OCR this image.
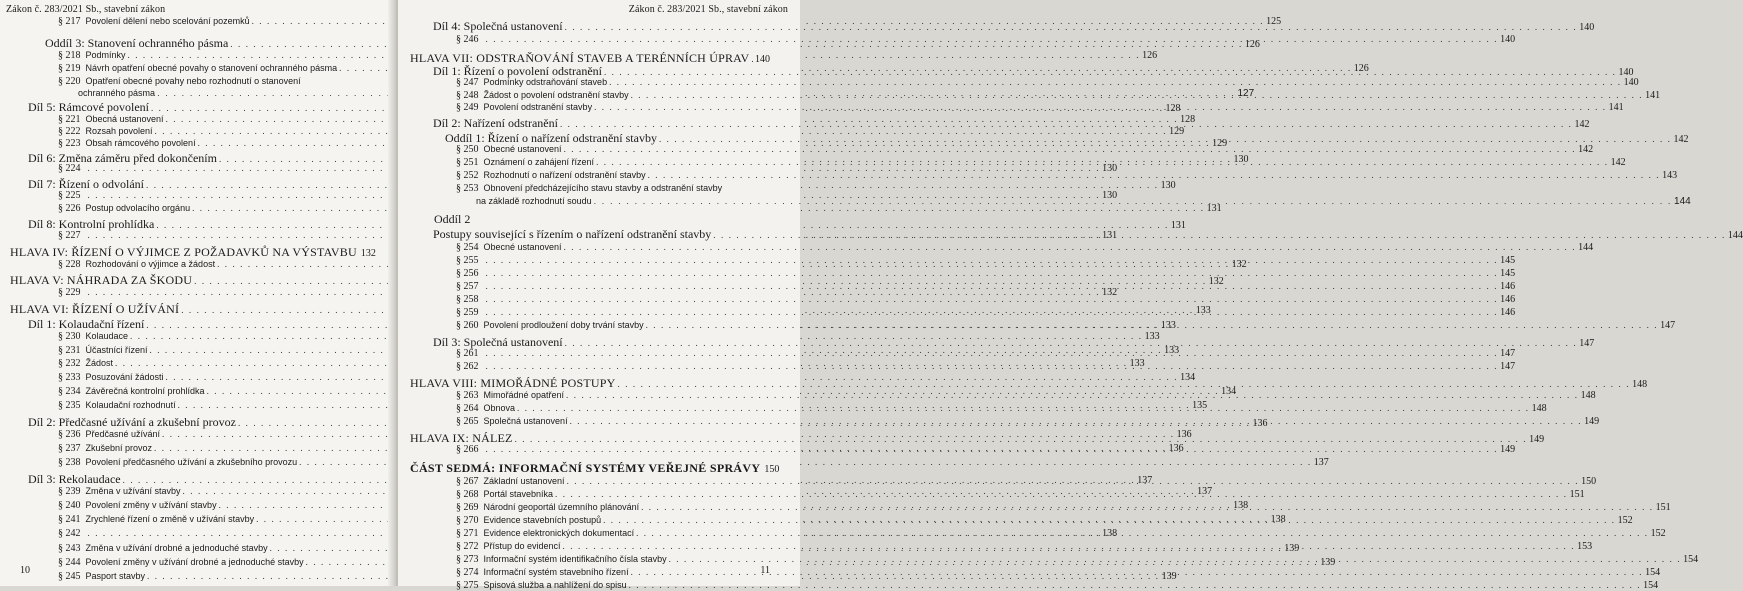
Zákon č. 283/2021 Sb., stavební zákon
§ 217 Povolení dělení nebo scelování pozemků . . .	125
Oddíl 3: Stanovení ochranného pásma . . .	126
§ 218 Podmínky . . .	126
§ 219 Návrh opatření obecné povahy o stanovení ochranného pásma . . .	126
§ 220 Opatření obecné povahy nebo rozhodnutí o stanovení
ochranného pásma . . .	127
Díl 5: Rámcové povolení . . .	128
§ 221 Obecná ustanovení . . .	128
§ 222 Rozsah povolení . . .	129
§ 223 Obsah rámcového povolení . . .	129
Díl 6: Změna záměru před dokončením . . .	130
§ 224 . . .	130
Díl 7: Řízení o odvolání . . .	130
§ 225 . . .	130
§ 226 Postup odvolacího orgánu . . .	131
Díl 8: Kontrolní prohlídka . . .	131
§ 227 . . .	131
HLAVA IV: ŘÍZENÍ O VÝJIMCE Z POŽADAVKŮ NA VÝSTAVBU 132
§ 228 Rozhodování o výjimce a žádost . . .	132
HLAVA V: NÁHRADA ZA ŠKODU . . .	132
§ 229 . . .	132
HLAVA VI: ŘÍZENÍ O UŽÍVÁNÍ . . .	133
Díl 1: Kolaudační řízení . . .	133
§ 230 Kolaudace . . .	133
§ 231 Účastníci řízení . . .	133
§ 232 Žádost . . .	133
§ 233 Posuzování žádosti . . .	134
§ 234 Závěrečná kontrolní prohlídka . . .	134
§ 235 Kolaudační rozhodnutí . . .	135
Díl 2: Předčasné užívání a zkušební provoz . . .	136
§ 236 Předčasné užívání . . .	136
§ 237 Zkušební provoz . . .	136
§ 238 Povolení předčasného užívání a zkušebního provozu . . .	137
Díl 3: Rekolaudace . . .	137
§ 239 Změna v užívání stavby . . .	137
§ 240 Povolení změny v užívání stavby . . .	138
§ 241 Zrychlené řízení o změně v užívání stavby . . .	138
§ 242 . . .	138
§ 243 Změna v užívání drobné a jednoduché stavby . . .	139
§ 244 Povolení změny v užívání drobné a jednoduché stavby . . .	139
§ 245 Pasport stavby . . .	139
10
Zákon č. 283/2021 Sb., stavební zákon
Díl 4: Společná ustanovení . . .	140
§ 246 . . .	140
HLAVA VII: ODSTRAŇOVÁNÍ STAVEB A TERÉNNÍCH ÚPRAV . . . 140
Díl 1: Řízení o povolení odstranění . . .	140
§ 247 Podmínky odstraňování staveb . . .	140
§ 248 Žádost o povolení odstranění stavby . . .	141
§ 249 Povolení odstranění stavby . . .	141
Díl 2: Nařízení odstranění . . .	142
Oddíl 1: Řízení o nařízení odstranění stavby . . .	142
§ 250 Obecné ustanovení . . .	142
§ 251 Oznámení o zahájení řízení . . .	142
§ 252 Rozhodnutí o nařízení odstranění stavby . . .	143
§ 253 Obnovení předcházejícího stavu stavby a odstranění stavby
na základě rozhodnutí soudu . . .	144
Oddíl 2
Postupy související s řízením o nařízení odstranění stavby . . .	144
§ 254 Obecné ustanovení . . .	144
§ 255 . . .	145
§ 256 . . .	145
§ 257 . . .	146
§ 258 . . .	146
§ 259 . . .	146
§ 260 Povolení prodloužení doby trvání stavby . . .	147
Díl 3: Společná ustanovení . . .	147
§ 261 . . .	147
§ 262 . . .	147
HLAVA VIII: MIMOŘÁDNÉ POSTUPY . . .	148
§ 263 Mimořádné opatření . . .	148
§ 264 Obnova . . .	148
§ 265 Společná ustanovení . . .	149
HLAVA IX: NÁLEZ . . .	149
§ 266 . . .	149
ČÁST SEDMÁ: INFORMAČNÍ SYSTÉMY VEŘEJNÉ SPRÁVY 150
§ 267 Základní ustanovení . . .	150
§ 268 Portál stavebníka . . .	151
§ 269 Národní geoportál územního plánování . . .	151
§ 270 Evidence stavebních postupů . . .	152
§ 271 Evidence elektronických dokumentací . . .	152
§ 272 Přístup do evidencí . . .	153
§ 273 Informační systém identifikačního čísla stavby . . .	154
§ 274 Informační systém stavebního řízení . . .	154
§ 275 Spisová služba a nahlížení do spisu . . .	154
11
